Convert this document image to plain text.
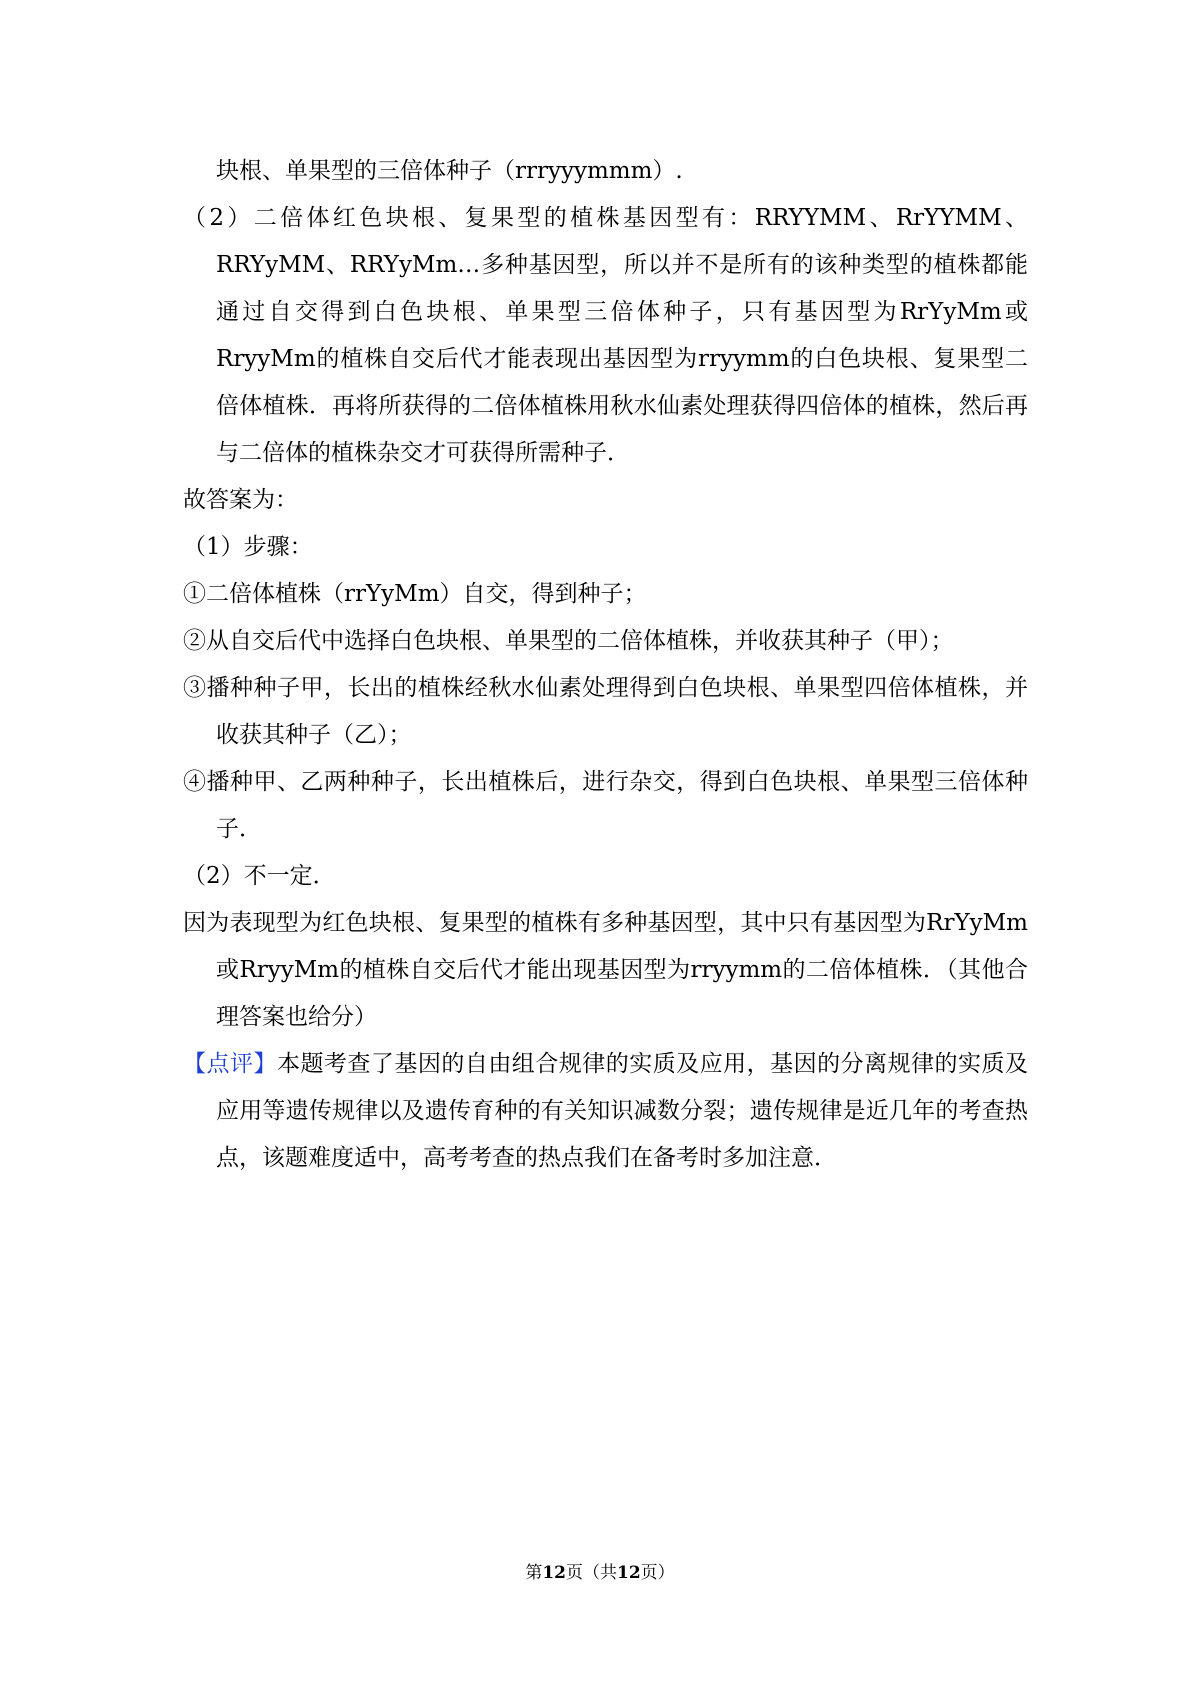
块根、单果型的三倍体种子（rrryyymmm）.

（2）二倍体红色块根、复果型的植株基因型有：RRYYMM、RrYYMM、RRYyMM、RRYyMm…多种基因型，所以并不是所有的该种类型的植株都能通过自交得到白色块根、单果型三倍体种子，只有基因型为RrYyMm或RryyMm的植株自交后代才能表现出基因型为rryymm的白色块根、复果型二倍体植株．再将所获得的二倍体植株用秋水仙素处理获得四倍体的植株，然后再与二倍体的植株杂交才可获得所需种子．

故答案为：

（1）步骤：

①二倍体植株（rrYyMm）自交，得到种子；

②从自交后代中选择白色块根、单果型的二倍体植株，并收获其种子（甲）；

③播种种子甲，长出的植株经秋水仙素处理得到白色块根、单果型四倍体植株，并收获其种子（乙）；

④播种甲、乙两种种子，长出植株后，进行杂交，得到白色块根、单果型三倍体种子．

（2）不一定．

因为表现型为红色块根、复果型的植株有多种基因型，其中只有基因型为RrYyMm或RryyMm的植株自交后代才能出现基因型为rryymm的二倍体植株．（其他合理答案也给分）

【点评】本题考查了基因的自由组合规律的实质及应用，基因的分离规律的实质及应用等遗传规律以及遗传育种的有关知识减数分裂；遗传规律是近几年的考查热点，该题难度适中，高考考查的热点我们在备考时多加注意．

第12页（共12页）
